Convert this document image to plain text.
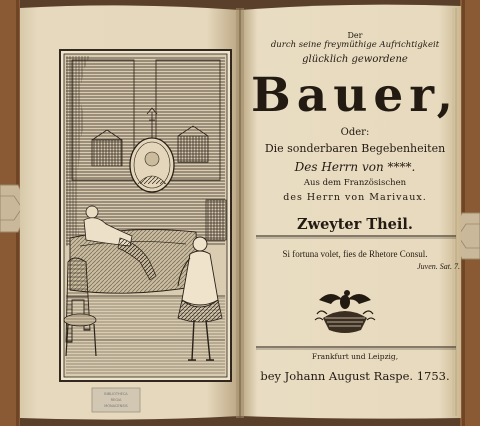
Der
durch seine freymüthige Aufrichtigkeit
glücklich gewordene
Bauer,
Oder:
Die sonderbaren Begebenheiten
Des Herrn von ****.
Aus dem Französischen
des Herrn von Marivaux.
Zweyter Theil.
Si fortuna volet, fies de Rhetore Consul.
Juven. Sat. 7.
Frankfurt und Leipzig,
bey Johann August Raspe. 1753.
BIBLIOTHECA
REGIA
MONACENSIS
